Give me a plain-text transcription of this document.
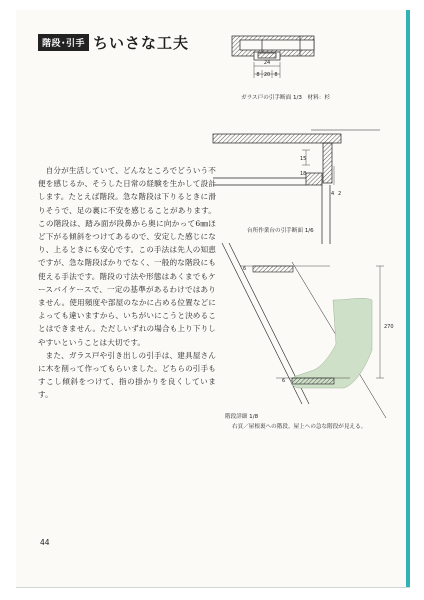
階段･引手 ちいさな工夫

自分が生活していて、どんなところでどういう不便を感じるか、そうした日常の経験を生かして設計します。たとえば階段。急な階段は下りるときに滑りそうで、足の裏に不安を感じることがあります。この階段は、踏み面が段鼻から奥に向かって6㎜ほど下がる傾斜をつけてあるので、安定した感じになり、上るときにも安心です。この手法は先人の知恵ですが、急な階段ばかりでなく、一般的な階段にも使える手法です。階段の寸法や形態はあくまでもケースバイケースで、一定の基準があるわけではありません。使用頻度や部屋のなかに占める位置などによっても違いますから、いちがいにこうと決めることはできません。ただしいずれの場合も上り下りしやすいということは大切です。

また、ガラス戸や引き出しの引手は、建具屋さんに木を削って作ってもらいました。どちらの引手もすこし傾斜をつけて、指の掛かりを良くしています。

24
8 20 8
ガラス戸の引手断面 1/3　材料：杉
15
18
4 2
台所作業台の引手断面 1/6
6
6
270
階段詳細 1/8
右頁／屋根裏への階段。屋上への急な階段が見える。
44
